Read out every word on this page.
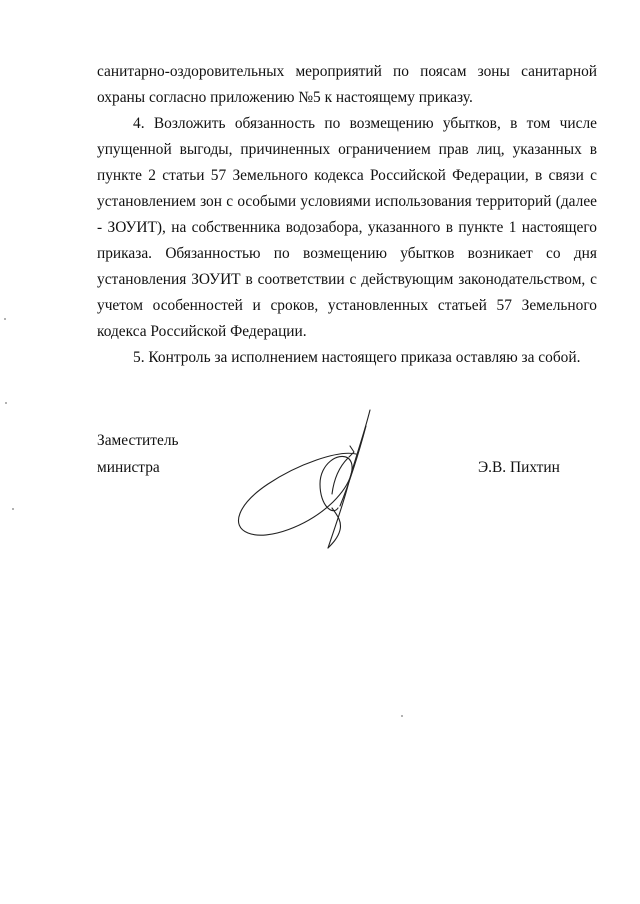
санитарно-оздоровительных мероприятий по поясам зоны санитарной охраны согласно приложению №5 к настоящему приказу.

4. Возложить обязанность по возмещению убытков, в том числе упущенной выгоды, причиненных ограничением прав лиц, указанных в пункте 2 статьи 57 Земельного кодекса Российской Федерации, в связи с установлением зон с особыми условиями использования территорий (далее - ЗОУИТ), на собственника водозабора, указанного в пункте 1 настоящего приказа. Обязанностью по возмещению убытков возникает со дня установления ЗОУИТ в соответствии с действующим законодательством, с учетом особенностей и сроков, установленных статьей 57 Земельного кодекса Российской Федерации.

5. Контроль за исполнением настоящего приказа оставляю за собой.

Заместитель

министра	Э.В. Пихтин
